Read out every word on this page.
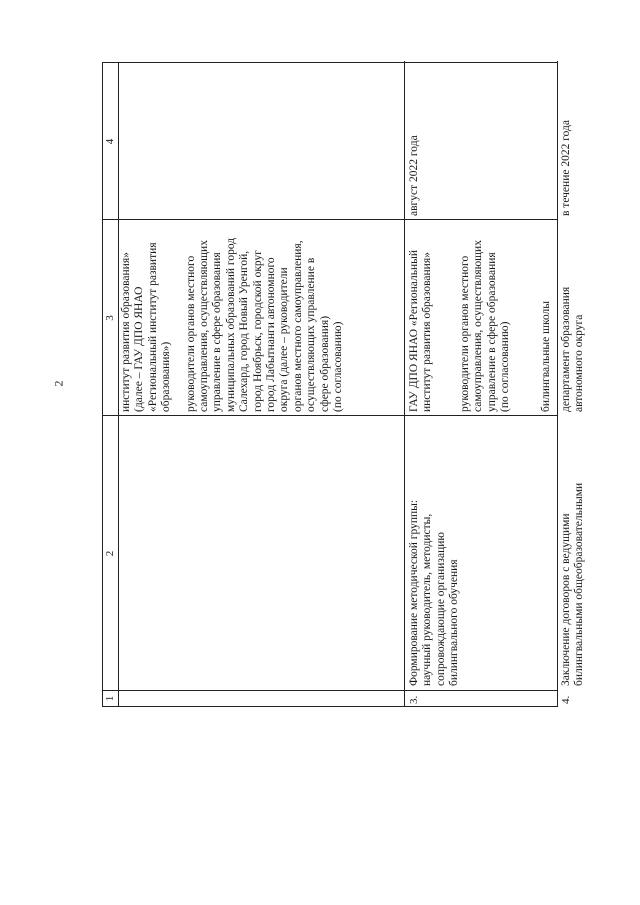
2
1
2
3
4
институт развития образования» (далее – ГАУ ДПО ЯНАО «Региональный институт развития образования») руководители органов местного самоуправления, осуществляющих управление в сфере образования муниципальных образований город Салехард, город Новый Уренгой, город Ноябрьск, городской округ город Лабытнанги автономного округа (далее – руководители органов местного самоуправления, осуществляющих управление в сфере образования) (по согласованию)
3.
Формирование методической группы: научный руководитель, методисты, сопровождающие организацию билингвального обучения
ГАУ ДПО ЯНАО «Региональный институт развития образования» руководители органов местного самоуправления, осуществляющих управление в сфере образования (по согласованию)
август 2022 года
билингвальные школы
4.
Заключение договоров с ведущими билингвальными общеобразовательными
департамент образования автономного округа
в течение 2022 года
